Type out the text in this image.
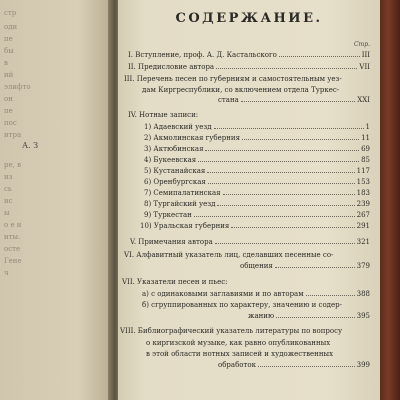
стр
оди
пе
бы
в
ий
элифто
он
пе
пос
итра
ре, в
из
сь
ис
ы
о е и
иты.
осте
Гене
ч
А. З
СОДЕРЖАНИЕ.
Стр.
I. Вступление, проф. А. Д. Кастальского	III
II. Предисловие автора	VII
III. Перечень песен по губерниям и самостоятельным уез-
дам Киргреспублики, со включением отдела Туркес-
стана	XXI
IV. Нотные записи:
1) Адаевский уезд	1
2) Акмолинская губерния	11
3) Актюбинская	69
4) Букеевская	85
5) Кустанайская	117
6) Оренбургская	153
7) Семипалатинская	183
8) Тургайский уезд	239
9) Туркестан	267
10) Уральская губерния	291
V. Примечания автора	321
VI. Алфавитный указатель лиц, сделавших песенные со-
общения	379
VII. Указатели песен и пьес:
а) с одинаковыми заглавиями и по авторам	388
б) сгруппированных по характеру, значению и содер-
жанию	395
VIII. Библиографический указатель литературы по вопросу
о киргизской музыке, как равно опубликованных
в этой области нотных записей и художественных
обработок	399
